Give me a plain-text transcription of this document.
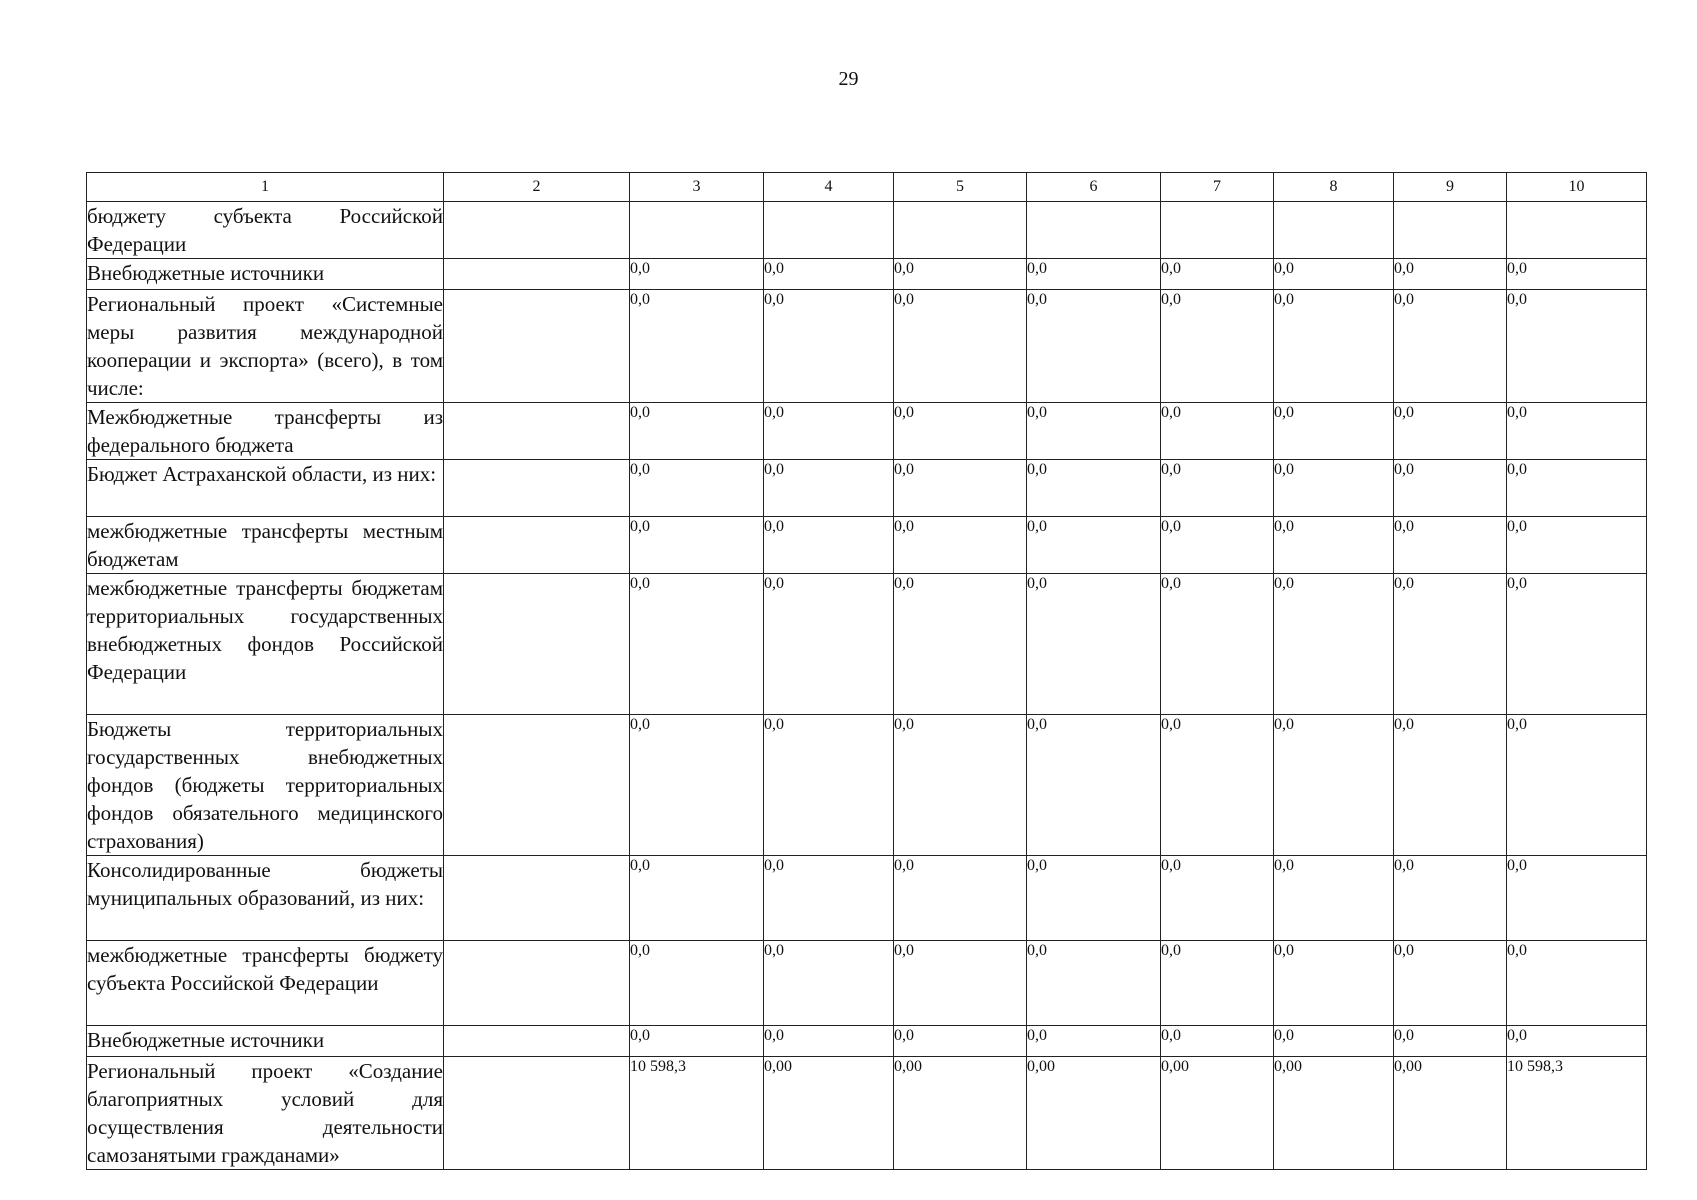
29
1	2	3	4	5	6	7	8	9	10
бюджету субъекта Российской Федерации									
Внебюджетные источники		0,0	0,0	0,0	0,0	0,0	0,0	0,0	0,0
Региональный проект «Системные меры развития международной кооперации и экспорта» (всего), в том числе:		0,0	0,0	0,0	0,0	0,0	0,0	0,0	0,0
Межбюджетные трансферты из федерального бюджета		0,0	0,0	0,0	0,0	0,0	0,0	0,0	0,0
Бюджет Астраханской области, из них:		0,0	0,0	0,0	0,0	0,0	0,0	0,0	0,0
межбюджетные трансферты местным бюджетам		0,0	0,0	0,0	0,0	0,0	0,0	0,0	0,0
межбюджетные трансферты бюджетам территориальных государственных внебюджетных фондов Российской Федерации		0,0	0,0	0,0	0,0	0,0	0,0	0,0	0,0
Бюджеты территориальных государственных внебюджетных фондов (бюджеты территориальных фондов обязательного медицинского страхования)		0,0	0,0	0,0	0,0	0,0	0,0	0,0	0,0
Консолидированные бюджеты муниципальных образований, из них:		0,0	0,0	0,0	0,0	0,0	0,0	0,0	0,0
межбюджетные трансферты бюджету субъекта Российской Федерации		0,0	0,0	0,0	0,0	0,0	0,0	0,0	0,0
Внебюджетные источники		0,0	0,0	0,0	0,0	0,0	0,0	0,0	0,0
Региональный проект «Создание благоприятных условий для осуществления деятельности самозанятыми гражданами»		10 598,3	0,00	0,00	0,00	0,00	0,00	0,00	10 598,3
